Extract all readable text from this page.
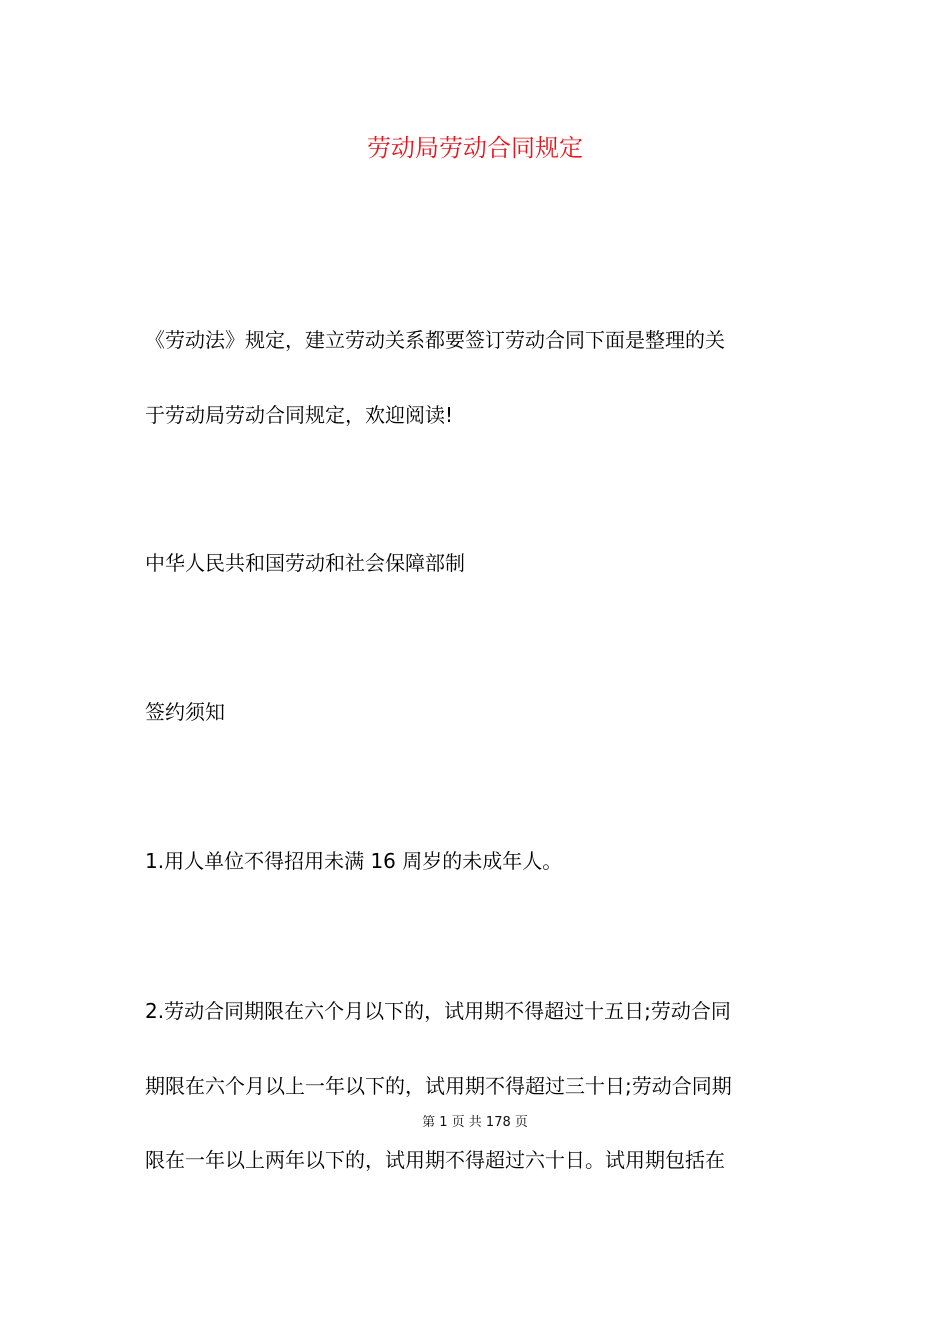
劳动局劳动合同规定
《劳动法》规定，建立劳动关系都要签订劳动合同下面是整理的关
于劳动局劳动合同规定，欢迎阅读!
中华人民共和国劳动和社会保障部制
签约须知
1.用人单位不得招用未满 16 周岁的未成年人。
2.劳动合同期限在六个月以下的，试用期不得超过十五日;劳动合同
期限在六个月以上一年以下的，试用期不得超过三十日;劳动合同期
第 1 页 共 178 页
限在一年以上两年以下的，试用期不得超过六十日。试用期包括在
